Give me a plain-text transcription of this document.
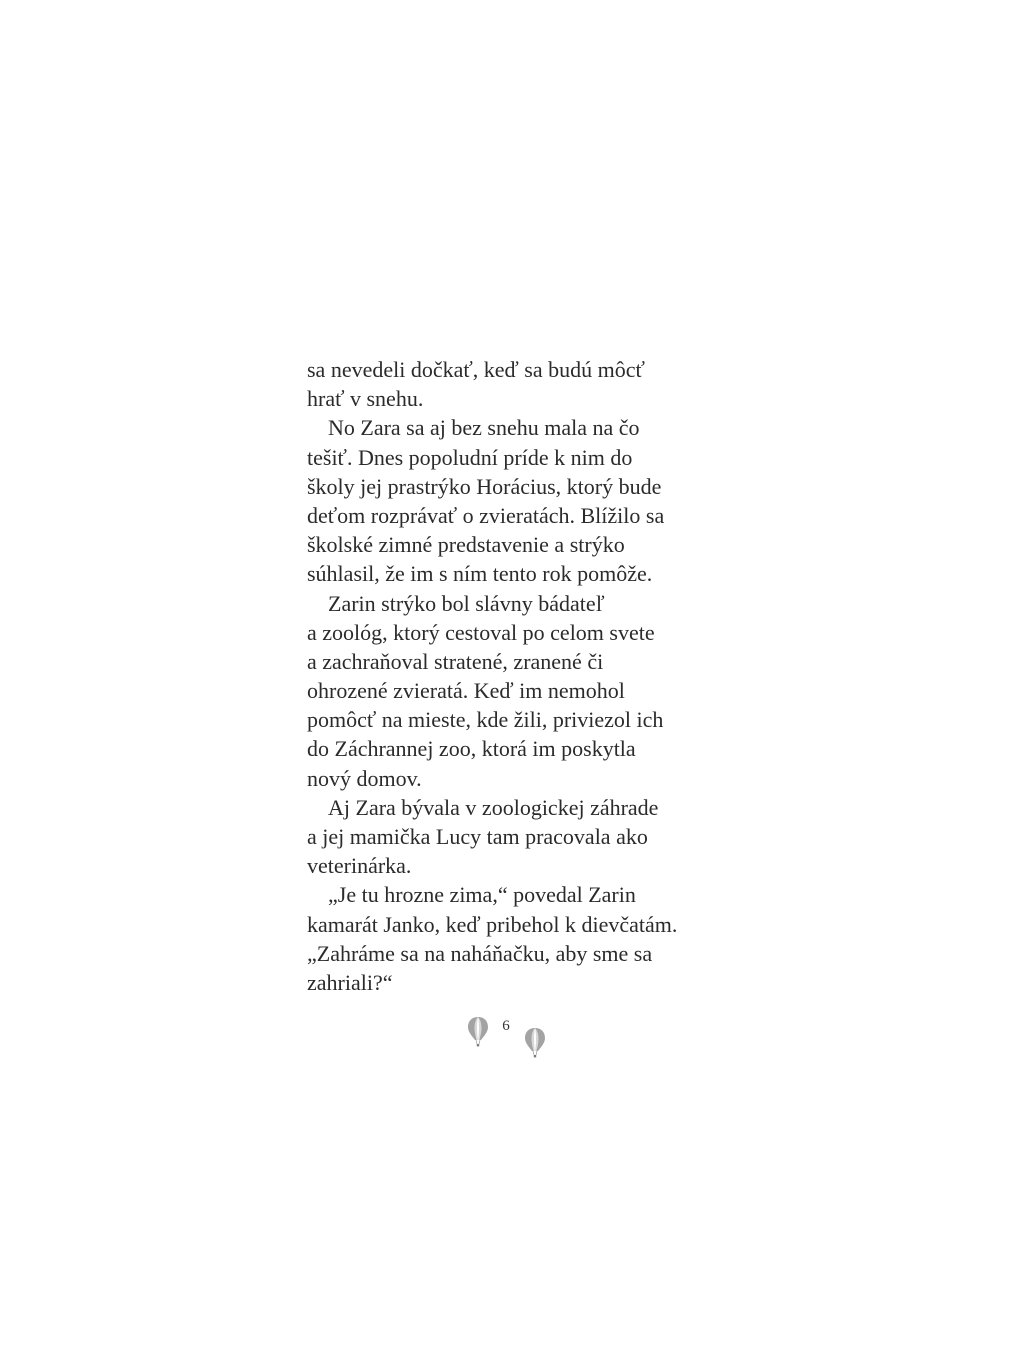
sa nevedeli dočkať, keď sa budú môcť
hrať v snehu.
No Zara sa aj bez snehu mala na čo
tešiť. Dnes popoludní príde k nim do
školy jej prastrýko Horácius, ktorý bude
deťom rozprávať o zvieratách. Blížilo sa
školské zimné predstavenie a strýko
súhlasil, že im s ním tento rok pomôže.
Zarin strýko bol slávny bádateľ
a zoológ, ktorý cestoval po celom svete
a zachraňoval stratené, zranené či
ohrozené zvieratá. Keď im nemohol
pomôcť na mieste, kde žili, priviezol ich
do Záchrannej zoo, ktorá im poskytla
nový domov.
Aj Zara bývala v zoologickej záhrade
a jej mamička Lucy tam pracovala ako
veterinárka.
„Je tu hrozne zima,“ povedal Zarin
kamarát Janko, keď pribehol k dievčatám.
„Zahráme sa na naháňačku, aby sme sa
zahriali?“
6
